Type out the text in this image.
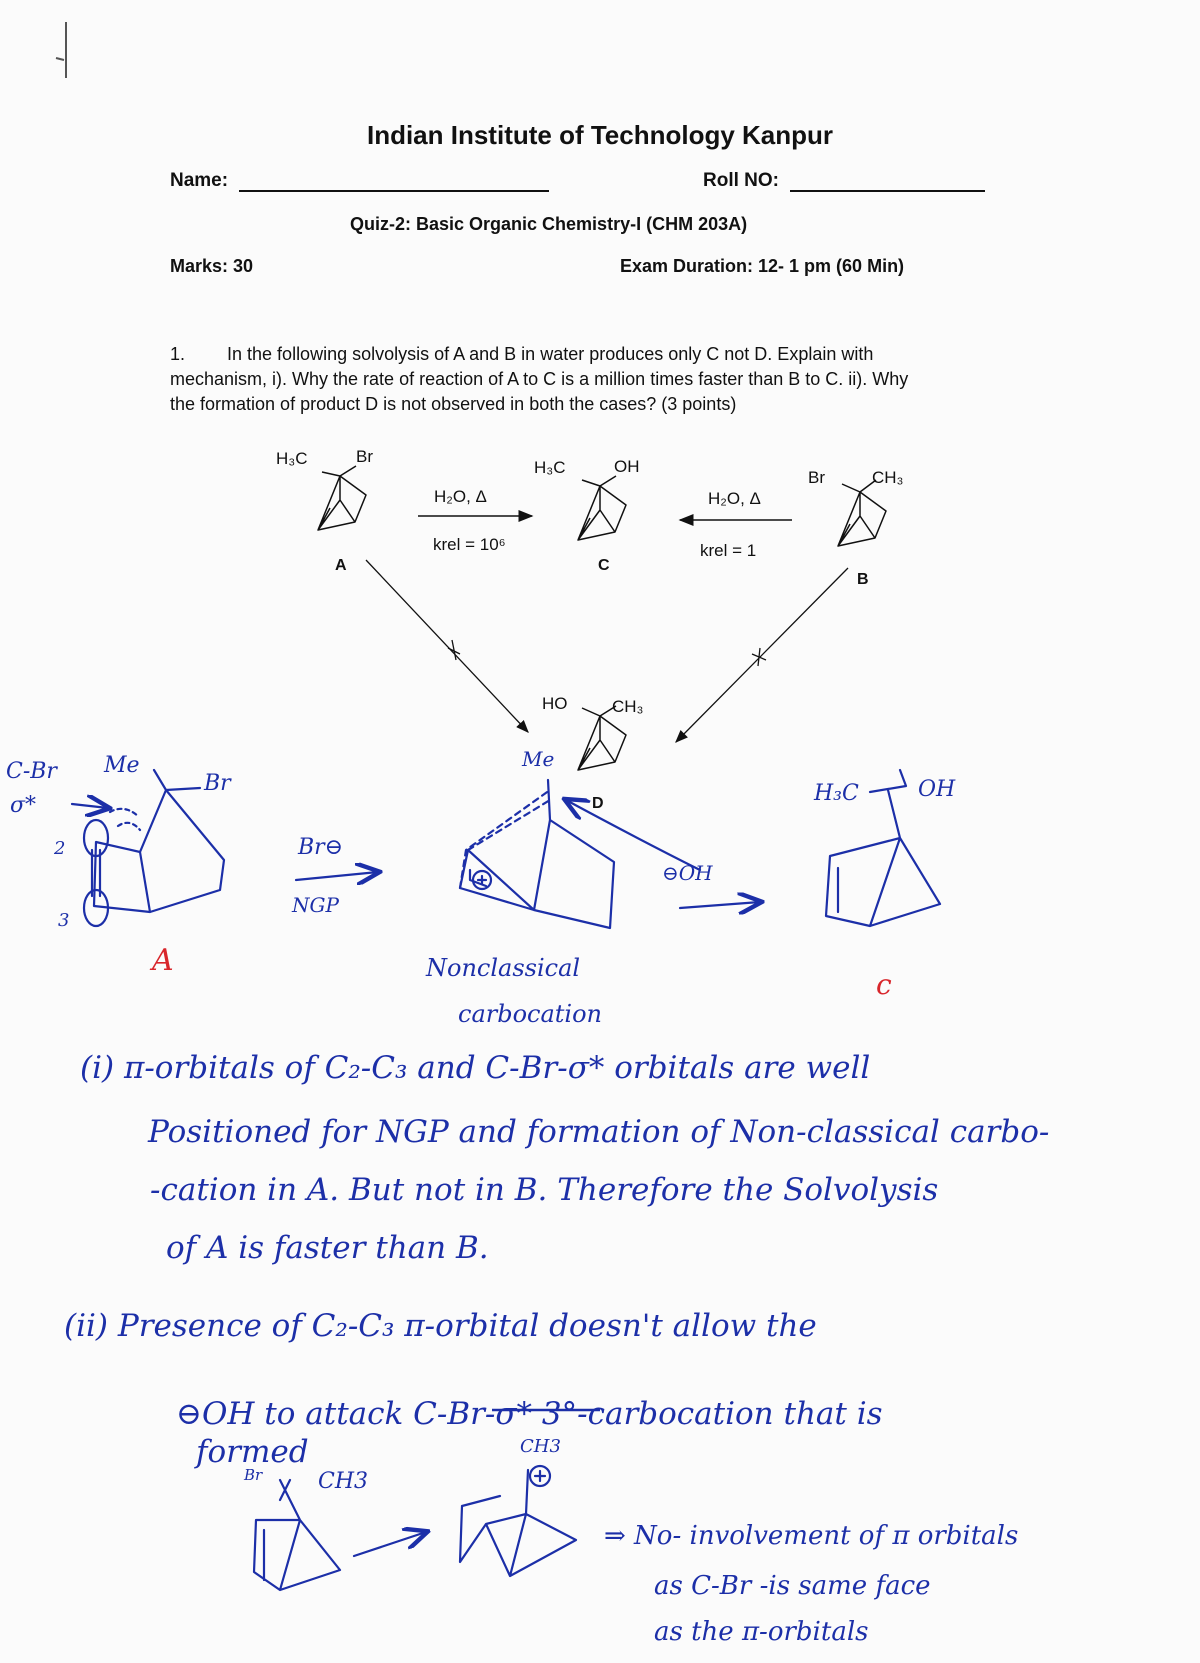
Indian Institute of Technology Kanpur
Name:	Roll NO:
Quiz-2: Basic Organic Chemistry-I (CHM 203A)
Marks: 30	Exam Duration: 12- 1 pm (60 Min)
1. In the following solvolysis of A and B in water produces only C not D. Explain with
mechanism, i). Why the rate of reaction of A to C is a million times faster than B to C. ii). Why
the formation of product D is not observed in both the cases? (3 points)
H₃C	Br
A
H₂O, Δ
krel = 10⁶
H₃C	OH
C
H₂O, Δ
krel = 1
Br	CH₃
B
HO	CH₃
D
C-Br
σ*
Me
Br
2
3
A
Br⊖
NGP
Me
⊖OH
Nonclassical
carbocation
H₃C	OH
c
(i) π-orbitals of C₂-C₃ and C-Br-σ* orbitals are well
Positioned for NGP and formation of Non-classical carbo-
-cation in A. But not in B. Therefore the Solvolysis
of A is faster than B.
(ii) Presence of C₂-C₃ π-orbital doesn't allow the
⊖OH to attack C-Br-σ* 3°-carbocation that is
formed
Br	CH3
CH3
⇒ No- involvement of π orbitals
as C-Br -is same face
as the π-orbitals
